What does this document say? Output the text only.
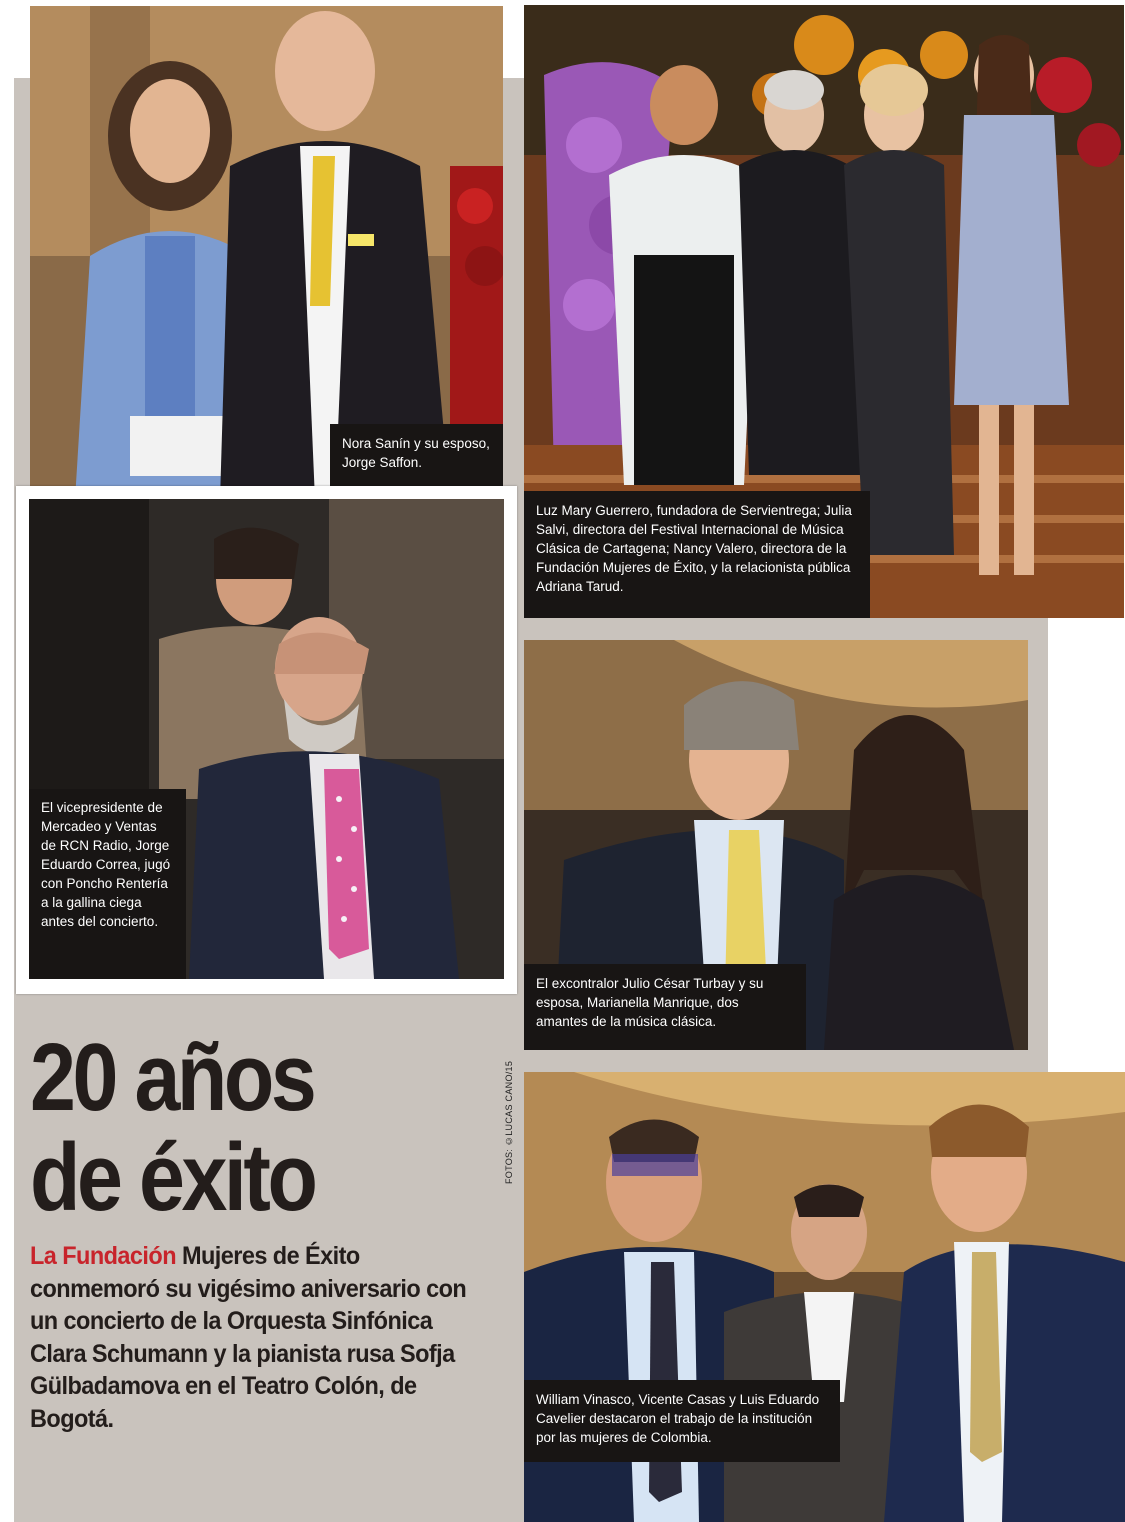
Nora Sanín y su esposo, Jorge Saffon.
Luz Mary Guerrero, fundadora de Servientrega; Julia Salvi, directora del Festival Internacional de Música Clásica de Cartagena; Nancy Valero, directora de la Fundación Mujeres de Éxito, y la relacionista pública Adriana Tarud.
El vicepresidente de Mercadeo y Ventas de RCN Radio, Jorge Eduardo Correa, jugó con Poncho Rentería a la gallina ciega antes del concierto.
El excontralor Julio César Turbay y su esposa, Marianella Manrique, dos amantes de la música clásica.
William Vinasco, Vicente Casas y Luis Eduardo Cavelier destacaron el trabajo de la institución por las mujeres de Colombia.
20 años
de éxito	FOTOS: ©LUCAS CANO/15
La Fundación Mujeres de Éxito conmemoró su vigésimo aniversario con un concierto de la Orquesta Sinfónica Clara Schumann y la pianista rusa Sofja Gülbadamova en el Teatro Colón, de Bogotá.
